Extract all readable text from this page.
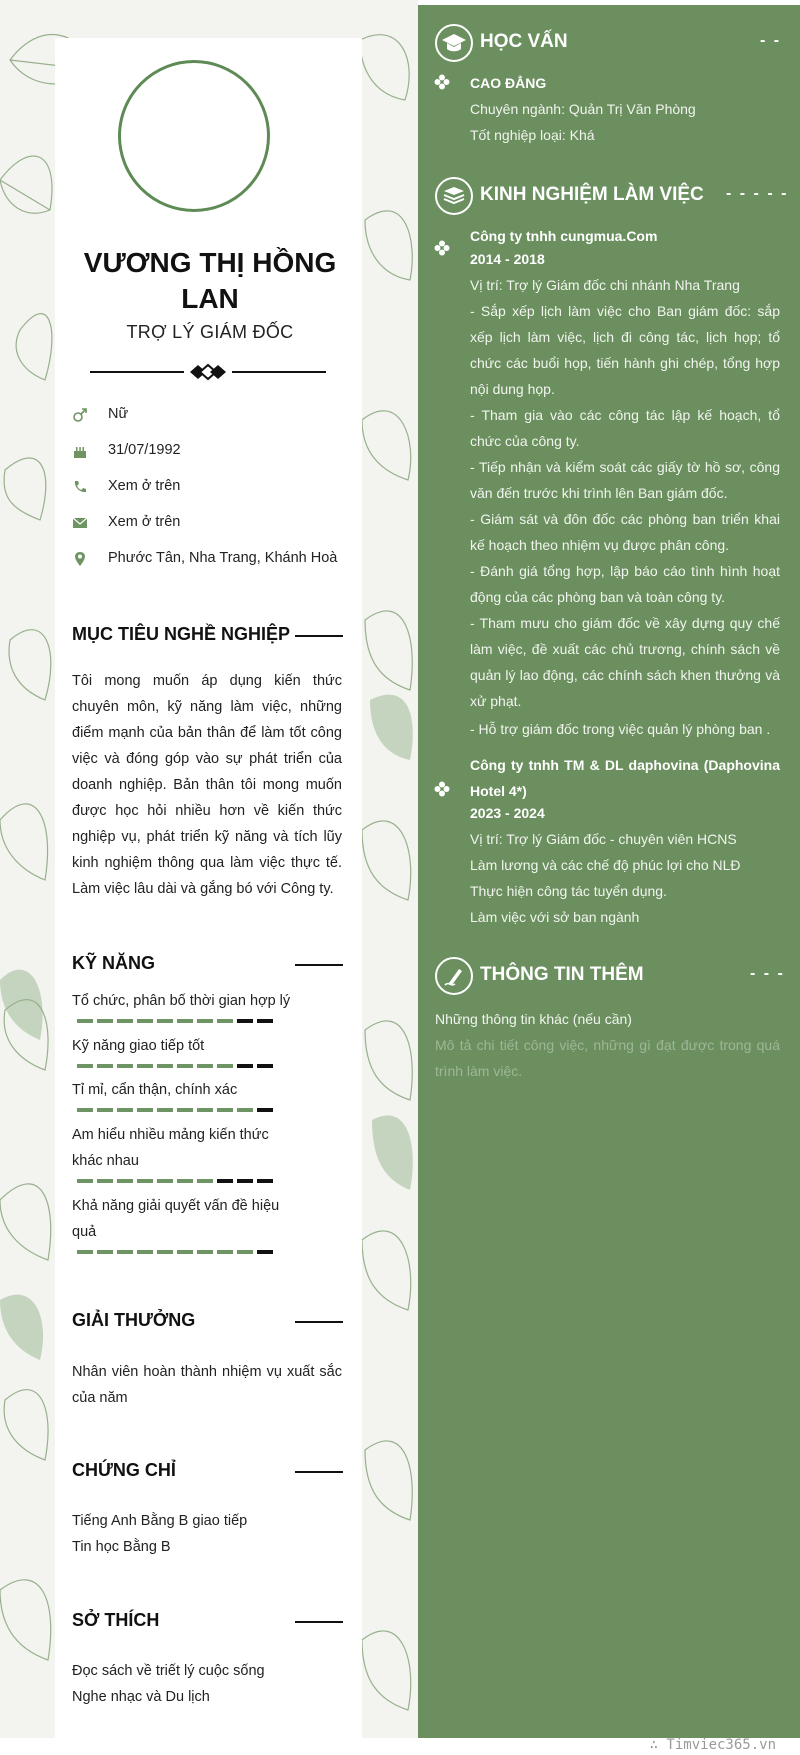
VƯƠNG THỊ HỒNG LAN
TRỢ LÝ GIÁM ĐỐC
Nữ
31/07/1992
Xem ở trên
Xem ở trên
Phước Tân, Nha Trang, Khánh Hoà
MỤC TIÊU NGHỀ NGHIỆP
Tôi mong muốn áp dụng kiến thức chuyên môn, kỹ năng làm việc, những điểm mạnh của bản thân để làm tốt công việc và đóng góp vào sự phát triển của doanh nghiệp. Bản thân tôi mong muốn được học hỏi nhiều hơn về kiến thức nghiệp vụ, phát triển kỹ năng và tích lũy kinh nghiệm thông qua làm việc thực tế. Làm việc lâu dài và gắng bó với Công ty.
KỸ NĂNG
Tổ chức, phân bố thời gian hợp lý
Kỹ năng giao tiếp tốt
Tỉ mỉ, cẩn thận, chính xác
Am hiểu nhiều mảng kiến thức khác nhau
Khả năng giải quyết vấn đề hiệu quả
GIẢI THƯỞNG
Nhân viên hoàn thành nhiệm vụ xuất sắc của năm
CHỨNG CHỈ
Tiếng Anh Bằng B giao tiếp
Tin học Bằng B
SỞ THÍCH
Đọc sách về triết lý cuộc sống
Nghe nhạc và Du lịch
HỌC VẤN	- -
CAO ĐẲNG
Chuyên ngành: Quản Trị Văn Phòng
Tốt nghiệp loại: Khá
KINH NGHIỆM LÀM VIỆC - - - - -
Công ty tnhh cungmua.Com
2014 - 2018
Vị trí: Trợ lý Giám đốc chi nhánh Nha Trang
- Sắp xếp lịch làm việc cho Ban giám đốc: sắp xếp lịch làm việc, lịch đi công tác, lịch họp; tổ chức các buổi họp, tiến hành ghi chép, tổng hợp nội dung họp.
- Tham gia vào các công tác lập kế hoạch, tổ chức của công ty.
- Tiếp nhận và kiểm soát các giấy tờ hồ sơ, công văn đến trước khi trình lên Ban giám đốc.
- Giám sát và đôn đốc các phòng ban triển khai kế hoạch theo nhiệm vụ được phân công.
- Đánh giá tổng hợp, lập báo cáo tình hình hoạt động của các phòng ban và toàn công ty.
- Tham mưu cho giám đốc về xây dựng quy chế làm việc, đề xuất các chủ trương, chính sách về quản lý lao động, các chính sách khen thưởng và xử phạt.
- Hỗ trợ giám đốc trong việc quản lý phòng ban .
Công ty tnhh TM & DL daphovina (Daphovina Hotel 4*)
2023 - 2024
Vị trí: Trợ lý Giám đốc - chuyên viên HCNS
Làm lương và các chế độ phúc lợi cho NLĐ
Thực hiện công tác tuyển dụng.
Làm việc với sở ban ngành
THÔNG TIN THÊM	- - -
Những thông tin khác (nếu cần)
Mô tả chi tiết công việc, những gì đạt được trong quá trình làm việc.
∴ Timviec365.vn
